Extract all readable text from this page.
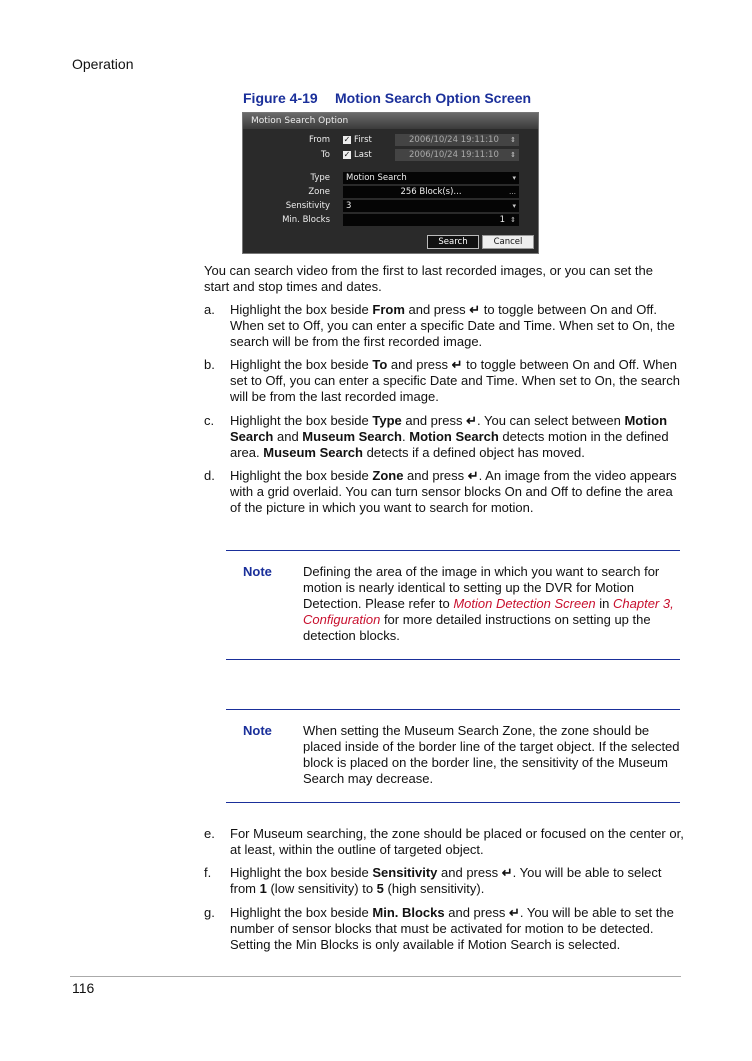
Operation
Figure 4-19 Motion Search Option Screen
Motion Search Option
From ✓ First	2006/10/24 19:11:10 ⇕
To ✓ Last	2006/10/24 19:11:10 ⇕
Type	Motion Search	▾
Zone	256 Block(s)...	…
Sensitivity	3	▾
Min. Blocks	1 ⇕
Search	Cancel
You can search video from the first to last recorded images, or you can set the start and stop times and dates.
a. Highlight the box beside From and press ↵ to toggle between On and Off. When set to Off, you can enter a specific Date and Time. When set to On, the search will be from the first recorded image.
b. Highlight the box beside To and press ↵ to toggle between On and Off. When set to Off, you can enter a specific Date and Time. When set to On, the search will be from the last recorded image.
c. Highlight the box beside Type and press ↵. You can select between Motion Search and Museum Search. Motion Search detects motion in the defined area. Museum Search detects if a defined object has moved.
d. Highlight the box beside Zone and press ↵. An image from the video appears with a grid overlaid. You can turn sensor blocks On and Off to define the area of the picture in which you want to search for motion.
Note Defining the area of the image in which you want to search for motion is nearly identical to setting up the DVR for Motion Detection. Please refer to Motion Detection Screen in Chapter 3, Configuration for more detailed instructions on setting up the detection blocks.
Note When setting the Museum Search Zone, the zone should be placed inside of the border line of the target object. If the selected block is placed on the border line, the sensitivity of the Museum Search may decrease.
e. For Museum searching, the zone should be placed or focused on the center or, at least, within the outline of targeted object.
f. Highlight the box beside Sensitivity and press ↵. You will be able to select from 1 (low sensitivity) to 5 (high sensitivity).
g. Highlight the box beside Min. Blocks and press ↵. You will be able to set the number of sensor blocks that must be activated for motion to be detected. Setting the Min Blocks is only available if Motion Search is selected.
116
